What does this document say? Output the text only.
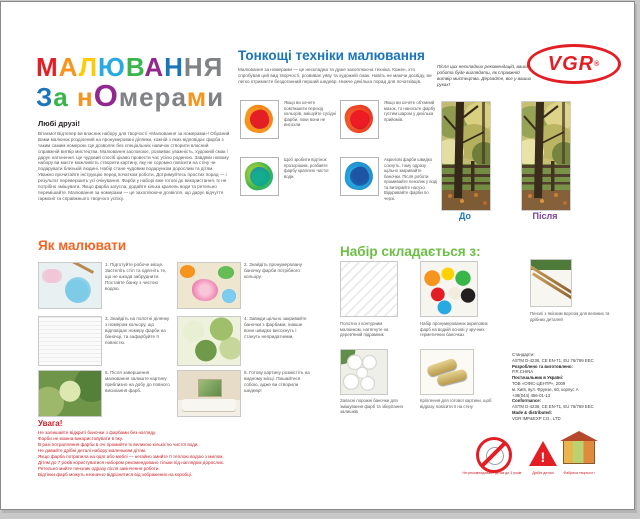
МАЛЮВАННЯ
За нОмерами
Любі друзі!
Вітаємо! Відтепер ви власник набору для творчості «Малювання за номерами»! Обраний Вами малюнок розділений на пронумеровані ділянки, кожній з яких відповідає фарба з таким самим номером. Це дозволяє без спеціальних навичок створити власний справжній витвір мистецтва. Малювання заспокоює, розвиває уважність, художній смак і дарує натхнення. Це чудовий спосіб цікаво провести час усією родиною. Завдяки новому набору ви маєте можливість створити картину, яку не соромно повісити на стіну чи подарувати близькій людині. Набір стане чудовим подарунком дорослим та дітям. Уважно прочитайте інструкцію перед початком роботи. Дотримуйтесь простих порад — і результат перевершить усі очікування. Фарби у наборі вже готові до використання, їх не потрібно змішувати. Якщо фарба загусла, додайте кілька крапель води та ретельно перемішайте. Малювання за номерами — це захоплююче дозвілля, що дарує відчуття гармонії та справжнього творчого успіху.
Тонкощі техніки малювання
Малювання за номерами — це нескладна та дуже захоплююча техніка. Кожен, хто спробував цей вид творчості, розвиває уяву та художній смак. Навіть не маючи досвіду, ви легко отримаєте бездоганний перший шедевр. Нижче декілька порад для початківців.
Якщо ви хочете пом'якшити перехід кольорів, змішуйте сусідні фарби, поки вони не висохли.
Якщо ви хочете об'ємний мазок, то наносьте фарбу густим шаром у декілька прийомів.
Щоб зробити відтінок прозорішим, розбавте фарбу краплею чистої води.
Акрилові фарби швидко сохнуть, тому одразу щільно закривайте баночки. Після роботи промивайте пензлик у воді та витирайте насухо. Відкривайте фарби по черзі.
VGR ®
Після цих нескладних рекомендацій, ваша робота буде виглядати, як справжній витвір мистецтва. Дерзайте, все у ваших руках!
До	Після
Як малювати
1. Підготуйте робоче місце. Застеліть стіл та одягніть те, що не шкода забруднити. Поставте банку з чистою водою.
2. Знайдіть пронумеровану баночку фарби потрібного кольору.
3. Знайдіть на полотні ділянку з номером кольору, що відповідає номеру фарби на баночці, та зафарбуйте її повністю.
4. Завжди щільно закривайте баночки з фарбами, інакше вони швидко висохнуть і стануть непридатними.
5. Після завершення малювання залиште картину приблизно на добу до повного висихання фарб.
6. Готову картину розмістіть на видному місці. Пишайтеся собою, адже ви створили шедевр!
Увага!
Не залишайте відкриті баночки з фарбами без нагляду.
Фарби не можна використовувати в їжу.
В разі потрапляння фарби в очі промийте їх великою кількістю чистої води.
Не давайте дрібні деталі набору маленьким дітям.
Якщо фарба потрапила на одяг або меблі — негайно змийте її теплою водою з милом.
Дітям до 7 років користуватися набором рекомендовано тільки під наглядом дорослих.
Ретельно мийте пензлик одразу після закінчення роботи.
Відтінки фарб можуть незначно відрізнятися від зображених на коробці.
Набір складається з:
Полотно з контурним малюнком, натягнуте на дерев'яний підрамник
Набір пронумерованих акрилових фарб на водній основі у зручних герметичних баночках
Запасні порожні баночки для змішування фарб та зберігання залишків
Кріплення для готової картини, щоб відразу повісити її на стіну
Пензлі з якісним ворсом для великих та дрібних деталей
Стандарти:
ASTM D-4236, CE EN-71, EU 76/769 EEC
Розроблено та виготовлено:
P.R.CHINA
Постачальник в Україні:
ТОВ «ОФІС-ЦЕНТР», 2009
м. Київ, вул. Фрунзе, 60, корпус А
+38(044) 456-01-13
Conformance:
ASTM D-4236, CE EN-71, EU 76/769 EEC
Made & distributed:
VGR IMP&EXP CO., LTD
Не рекомендовано дітям до 3 років
!
Дрібні деталі	Фабрика творчості
